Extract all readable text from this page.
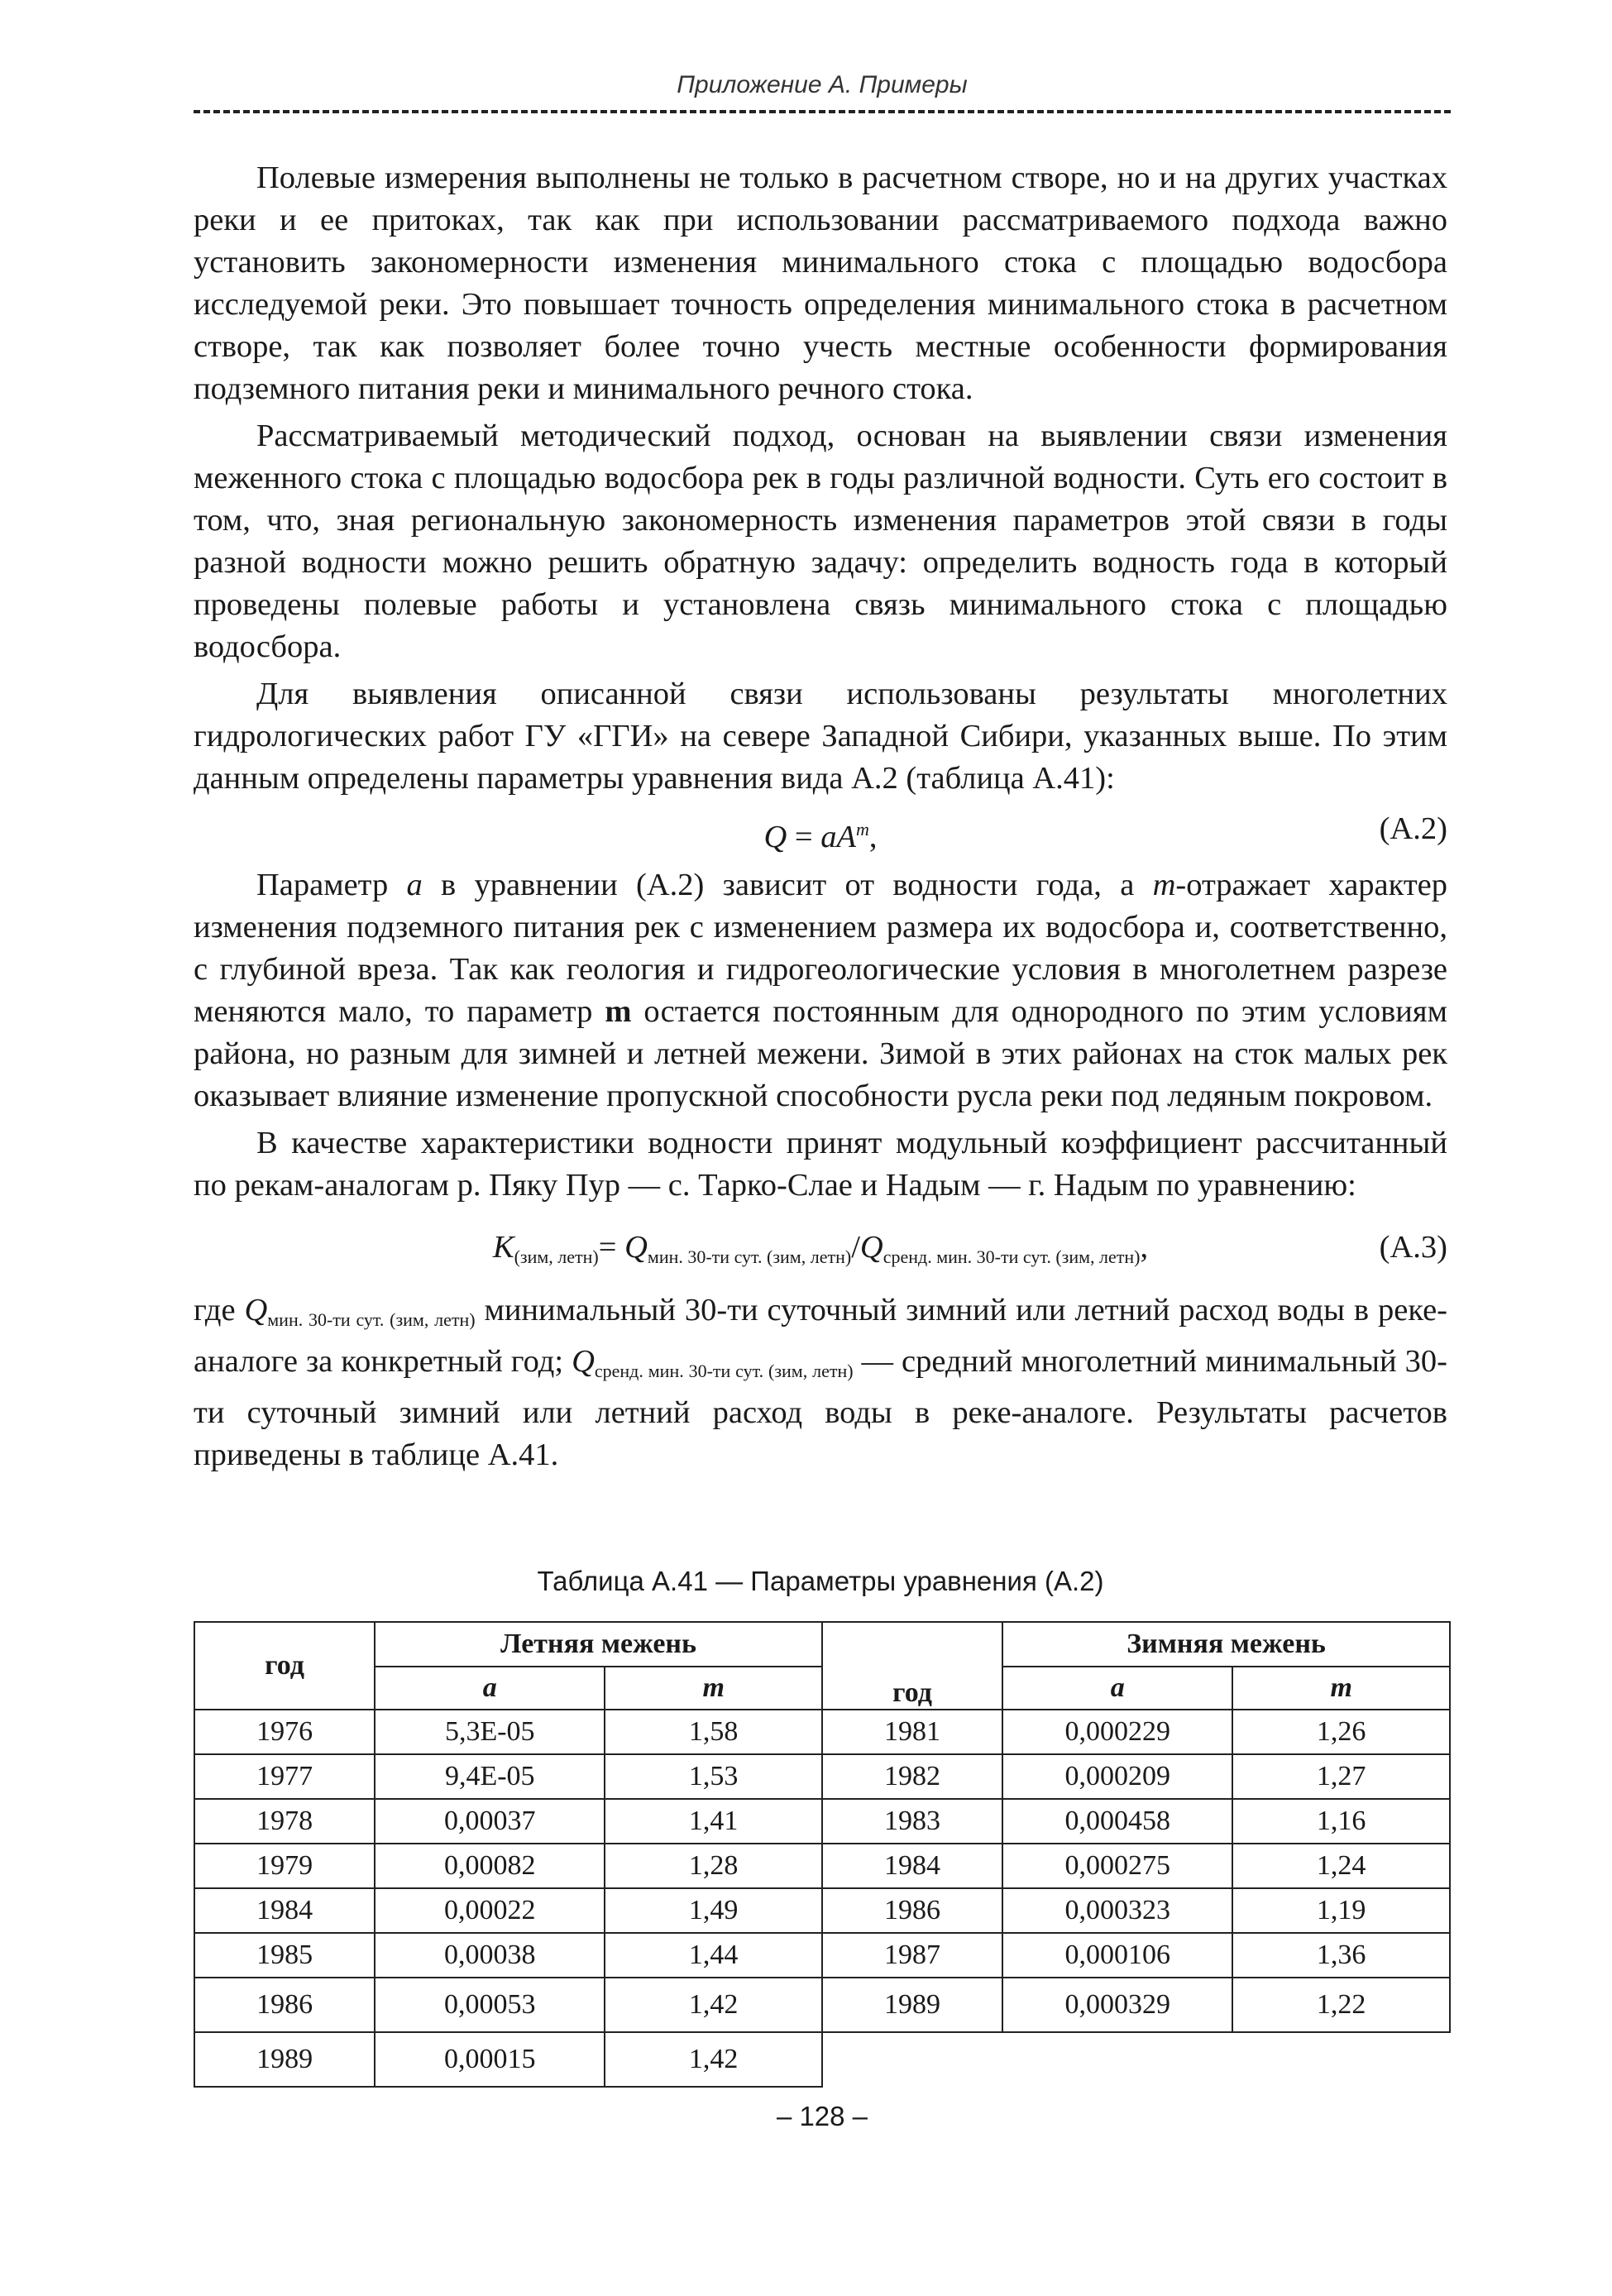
Приложение А. Примеры

Полевые измерения выполнены не только в расчетном створе, но и на других участках реки и ее притоках, так как при использовании рассматриваемого подхода важно установить закономерности изменения минимального стока с площадью водосбора исследуемой реки. Это повышает точность определения минимального стока в расчетном створе, так как позволяет более точно учесть местные особенности формирования подземного питания реки и минимального речного стока.

Рассматриваемый методический подход, основан на выявлении связи изменения меженного стока с площадью водосбора рек в годы различной водности. Суть его состоит в том, что, зная региональную закономерность изменения параметров этой связи в годы разной водности можно решить обратную задачу: определить водность года в который проведены полевые работы и установлена связь минимального стока с площадью водосбора.

Для выявления описанной связи использованы результаты многолетних гидрологических работ ГУ «ГГИ» на севере Западной Сибири, указанных выше. По этим данным определены параметры уравнения вида А.2 (таблица А.41):

$Q = aA^m$,	(А.2)

Параметр a в уравнении (А.2) зависит от водности года, а m-отражает характер изменения подземного питания рек с изменением размера их водосбора и, соответственно, с глубиной вреза. Так как геология и гидрогеологические условия в многолетнем разрезе меняются мало, то параметр m остается постоянным для однородного по этим условиям района, но разным для зимней и летней межени. Зимой в этих районах на сток малых рек оказывает влияние изменение пропускной способности русла реки под ледяным покровом.

В качестве характеристики водности принят модульный коэффициент рассчитанный по рекам-аналогам р. Пяку Пур — с. Тарко-Слае и Надым — г. Надым по уравнению:

$K_{(зим, летн)}= Q_{мин. 30-ти сут. (зим, летн)}/Q_{сренд. мин. 30-ти сут. (зим, летн)}$,	(А.3)

где $Q_{мин. 30-ти сут. (зим, летн)}$ минимальный 30-ти суточный зимний или летний расход воды в реке-аналоге за конкретный год; $Q_{сренд. мин. 30-ти сут. (зим, летн)}$ — средний многолетний минимальный 30-ти суточный зимний или летний расход воды в реке-аналоге. Результаты расчетов приведены в таблице А.41.

Таблица А.41 — Параметры уравнения (А.2)
год	Летняя межень		год	Зимняя межень	
	a	m		a	m
1976	5,3Е-05	1,58	1981	0,000229	1,26
1977	9,4Е-05	1,53	1982	0,000209	1,27
1978	0,00037	1,41	1983	0,000458	1,16
1979	0,00082	1,28	1984	0,000275	1,24
1984	0,00022	1,49	1986	0,000323	1,19
1985	0,00038	1,44	1987	0,000106	1,36
1986	0,00053	1,42	1989	0,000329	1,22
1989	0,00015	1,42			
– 128 –
